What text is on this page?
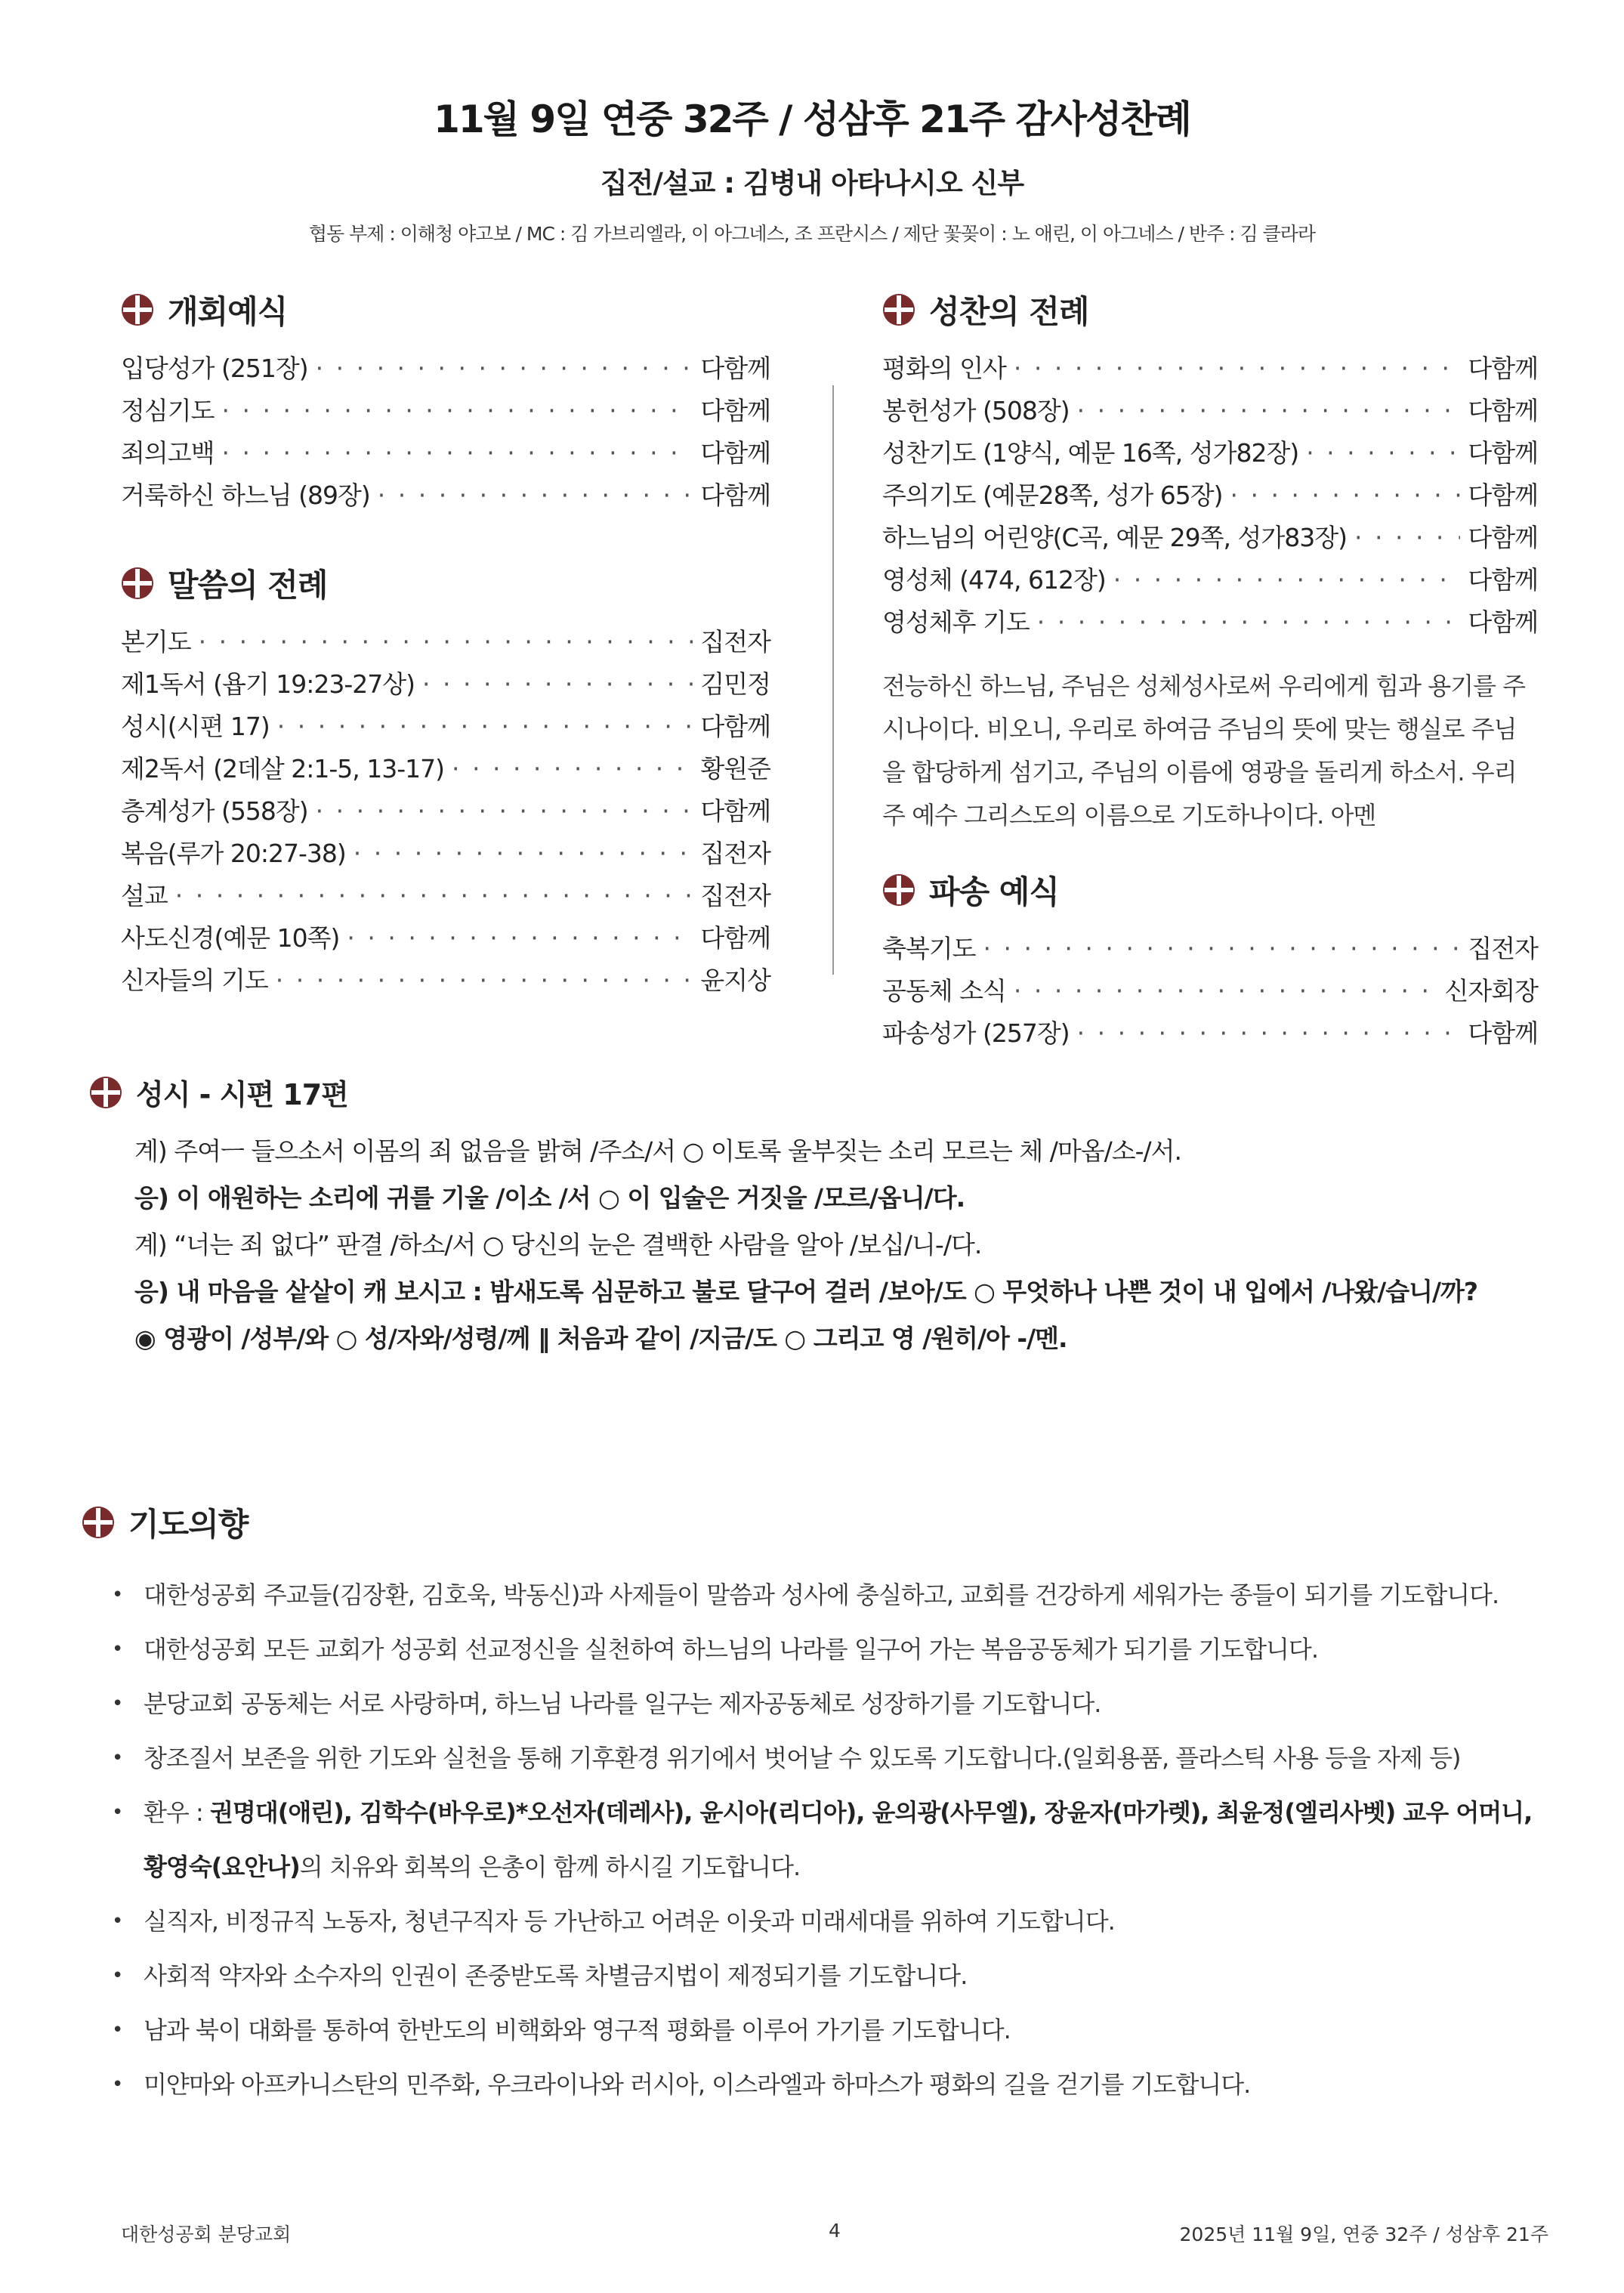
11월 9일 연중 32주 / 성삼후 21주 감사성찬례
집전/설교 : 김병내 아타나시오 신부
협동 부제 : 이해청 야고보 / MC : 김 가브리엘라, 이 아그네스, 조 프란시스 / 제단 꽃꽂이 : 노 애린, 이 아그네스 / 반주 : 김 클라라
개회예식
입당성가 (251장) · · ·	다함께
정심기도 · · ·	다함께
죄의고백 · · ·	다함께
거룩하신 하느님 (89장) · · ·	다함께
말씀의 전례
본기도 · · ·	집전자
제1독서 (욥기 19:23-27상) · · ·	김민정
성시(시편 17) · · ·	다함께
제2독서 (2데살 2:1-5, 13-17) · · ·	황원준
층계성가 (558장) · · ·	다함께
복음(루가 20:27-38) · · ·	집전자
설교 · · ·	집전자
사도신경(예문 10쪽) · · ·	다함께
신자들의 기도 · · ·	윤지상
성찬의 전례
평화의 인사 · · ·	다함께
봉헌성가 (508장) · · ·	다함께
성찬기도 (1양식, 예문 16쪽, 성가82장) · · ·	다함께
주의기도 (예문28쪽, 성가 65장) · · ·	다함께
하느님의 어린양(C곡, 예문 29쪽, 성가83장) · · ·	다함께
영성체 (474, 612장) · · ·	다함께
영성체후 기도 · · ·	다함께
전능하신 하느님, 주님은 성체성사로써 우리에게 힘과 용기를 주시나이다. 비오니, 우리로 하여금 주님의 뜻에 맞는 행실로 주님을 합당하게 섬기고, 주님의 이름에 영광을 돌리게 하소서. 우리 주 예수 그리스도의 이름으로 기도하나이다. 아멘
파송 예식
축복기도 · · ·	집전자
공동체 소식 · · ·	신자회장
파송성가 (257장) · · ·	다함께
성시 - 시편 17편
계) 주여ㅡ 들으소서 이몸의 죄 없음을 밝혀 /주소/서 ○ 이토록 울부짖는 소리 모르는 체 /마옵/소-/서.
응) 이 애원하는 소리에 귀를 기울 /이소 /서 ○ 이 입술은 거짓을 /모르/옵니/다.
계) “너는 죄 없다” 판결 /하소/서 ○ 당신의 눈은 결백한 사람을 알아 /보십/니-/다.
응) 내 마음을 샅샅이 캐 보시고 : 밤새도록 심문하고 불로 달구어 걸러 /보아/도 ○ 무엇하나 나쁜 것이 내 입에서 /나왔/습니/까?
◉ 영광이 /성부/와 ○ 성/자와/성령/께 ‖ 처음과 같이 /지금/도 ○ 그리고 영 /원히/아 -/멘.
기도의향
• 대한성공회 주교들(김장환, 김호욱, 박동신)과 사제들이 말씀과 성사에 충실하고, 교회를 건강하게 세워가는 종들이 되기를 기도합니다.
• 대한성공회 모든 교회가 성공회 선교정신을 실천하여 하느님의 나라를 일구어 가는 복음공동체가 되기를 기도합니다.
• 분당교회 공동체는 서로 사랑하며, 하느님 나라를 일구는 제자공동체로 성장하기를 기도합니다.
• 창조질서 보존을 위한 기도와 실천을 통해 기후환경 위기에서 벗어날 수 있도록 기도합니다.(일회용품, 플라스틱 사용 등을 자제 등)
• 환우 : 권명대(애린), 김학수(바우로)*오선자(데레사), 윤시아(리디아), 윤의광(사무엘), 장윤자(마가렛), 최윤정(엘리사벳) 교우 어머니, 황영숙(요안나)의 치유와 회복의 은총이 함께 하시길 기도합니다.
• 실직자, 비정규직 노동자, 청년구직자 등 가난하고 어려운 이웃과 미래세대를 위하여 기도합니다.
• 사회적 약자와 소수자의 인권이 존중받도록 차별금지법이 제정되기를 기도합니다.
• 남과 북이 대화를 통하여 한반도의 비핵화와 영구적 평화를 이루어 가기를 기도합니다.
• 미얀마와 아프카니스탄의 민주화, 우크라이나와 러시아, 이스라엘과 하마스가 평화의 길을 걷기를 기도합니다.
대한성공회 분당교회	4	2025년 11월 9일, 연중 32주 / 성삼후 21주
